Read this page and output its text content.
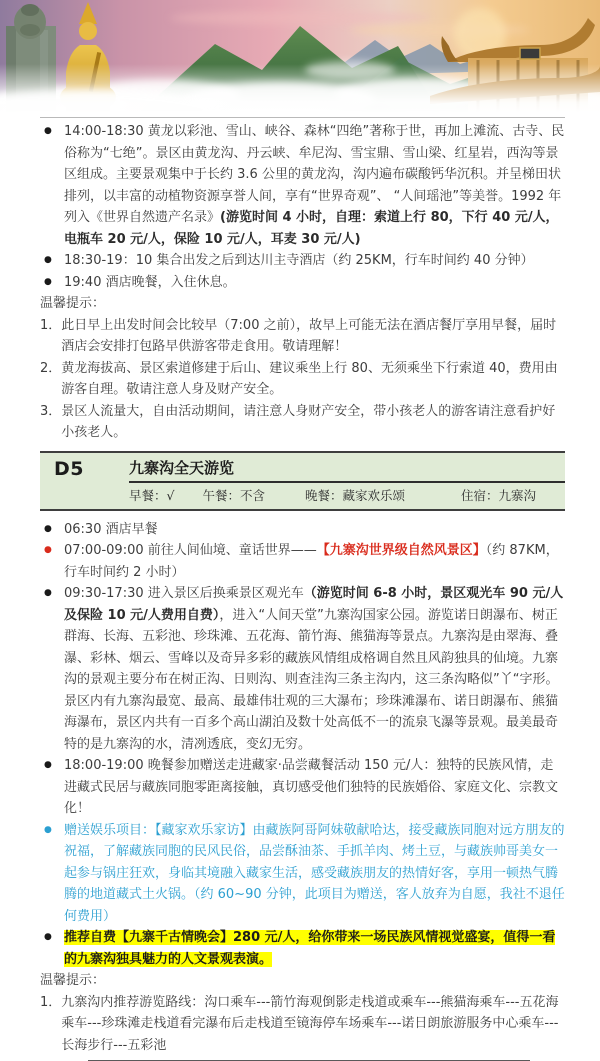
● 14:00-18:30 黄龙以彩池、雪山、峡谷、森林“四绝”著称于世，再加上滩流、古寺、民俗称为“七绝”。景区由黄龙沟、丹云峡、牟尼沟、雪宝鼎、雪山梁、红星岩，西沟等景区组成。主要景观集中于长约 3.6 公里的黄龙沟，沟内遍布碳酸钙华沉积。并呈梯田状排列，以丰富的动植物资源享誉人间，享有“世界奇观”、 “人间瑶池”等美誉。1992 年列入《世界自然遗产名录》(游览时间 4 小时，自理：索道上行 80，下行 40 元/人，电瓶车 20 元/人，保险 10 元/人，耳麦 30 元/人)
● 18:30-19：10 集合出发之后到达川主寺酒店（约 25KM，行车时间约 40 分钟）
● 19:40 酒店晚餐，入住休息。
温馨提示：
1． 此日早上出发时间会比较早（7:00 之前），故早上可能无法在酒店餐厅享用早餐，届时酒店会安排打包路早供游客带走食用。敬请理解！
2． 黄龙海拔高、景区索道修建于后山、建议乘坐上行 80、无须乘坐下行索道 40，费用由游客自理。敬请注意人身及财产安全。
3． 景区人流量大，自由活动期间，请注意人身财产安全，带小孩老人的游客请注意看护好小孩老人。
D5	九寨沟全天游览
早餐：√ 午餐：不含	晚餐：藏家欢乐颂	住宿：九寨沟
● 06:30 酒店早餐
● 07:00-09:00 前往人间仙境、童话世界——【九寨沟世界级自然风景区】（约 87KM，行车时间约 2 小时）
● 09:30-17:30 进入景区后换乘景区观光车（游览时间 6-8 小时，景区观光车 90 元/人及保险 10 元/人费用自费），进入“人间天堂”九寨沟国家公园。游览诺日朗瀑布、树正群海、长海、五彩池、珍珠滩、五花海、箭竹海、熊猫海等景点。九寨沟是由翠海、叠瀑、彩林、烟云、雪峰以及奇异多彩的藏族风情组成格调自然且风韵独具的仙境。九寨沟的景观主要分布在树正沟、日则沟、则查洼沟三条主沟内，这三条沟略似”丫“字形。景区内有九寨沟最宽、最高、最雄伟壮观的三大瀑布；珍珠滩瀑布、诺日朗瀑布、熊猫海瀑布，景区内共有一百多个高山湖泊及数十处高低不一的流泉飞瀑等景观。最美最奇特的是九寨沟的水，清冽透底，变幻无穷。
● 18:00-19:00 晚餐参加赠送走进藏家·品尝藏餐活动 150 元/人：独特的民族风情，走进藏式民居与藏族同胞零距离接触，真切感受他们独特的民族婚俗、家庭文化、宗教文化！
● 赠送娱乐项目：【藏家欢乐家访】由藏族阿哥阿妹敬献哈达，接受藏族同胞对远方朋友的祝福，了解藏族同胞的民风民俗，品尝酥油茶、手抓羊肉、烤土豆，与藏族帅哥美女一起参与锅庄狂欢，身临其境融入藏家生活，感受藏族朋友的热情好客，享用一顿热气腾腾的地道藏式土火锅。（约 60~90 分钟，此项目为赠送，客人放弃为自愿，我社不退任何费用）
● 推荐自费【九寨千古情晚会】280 元/人，给你带来一场民族风情视觉盛宴，值得一看的九寨沟独具魅力的人文景观表演。
温馨提示：
1． 九寨沟内推荐游览路线：沟口乘车---箭竹海观倒影走栈道或乘车---熊猫海乘车---五花海乘车---珍珠滩走栈道看完瀑布后走栈道至镜海停车场乘车---诺日朗旅游服务中心乘车---长海步行---五彩池
